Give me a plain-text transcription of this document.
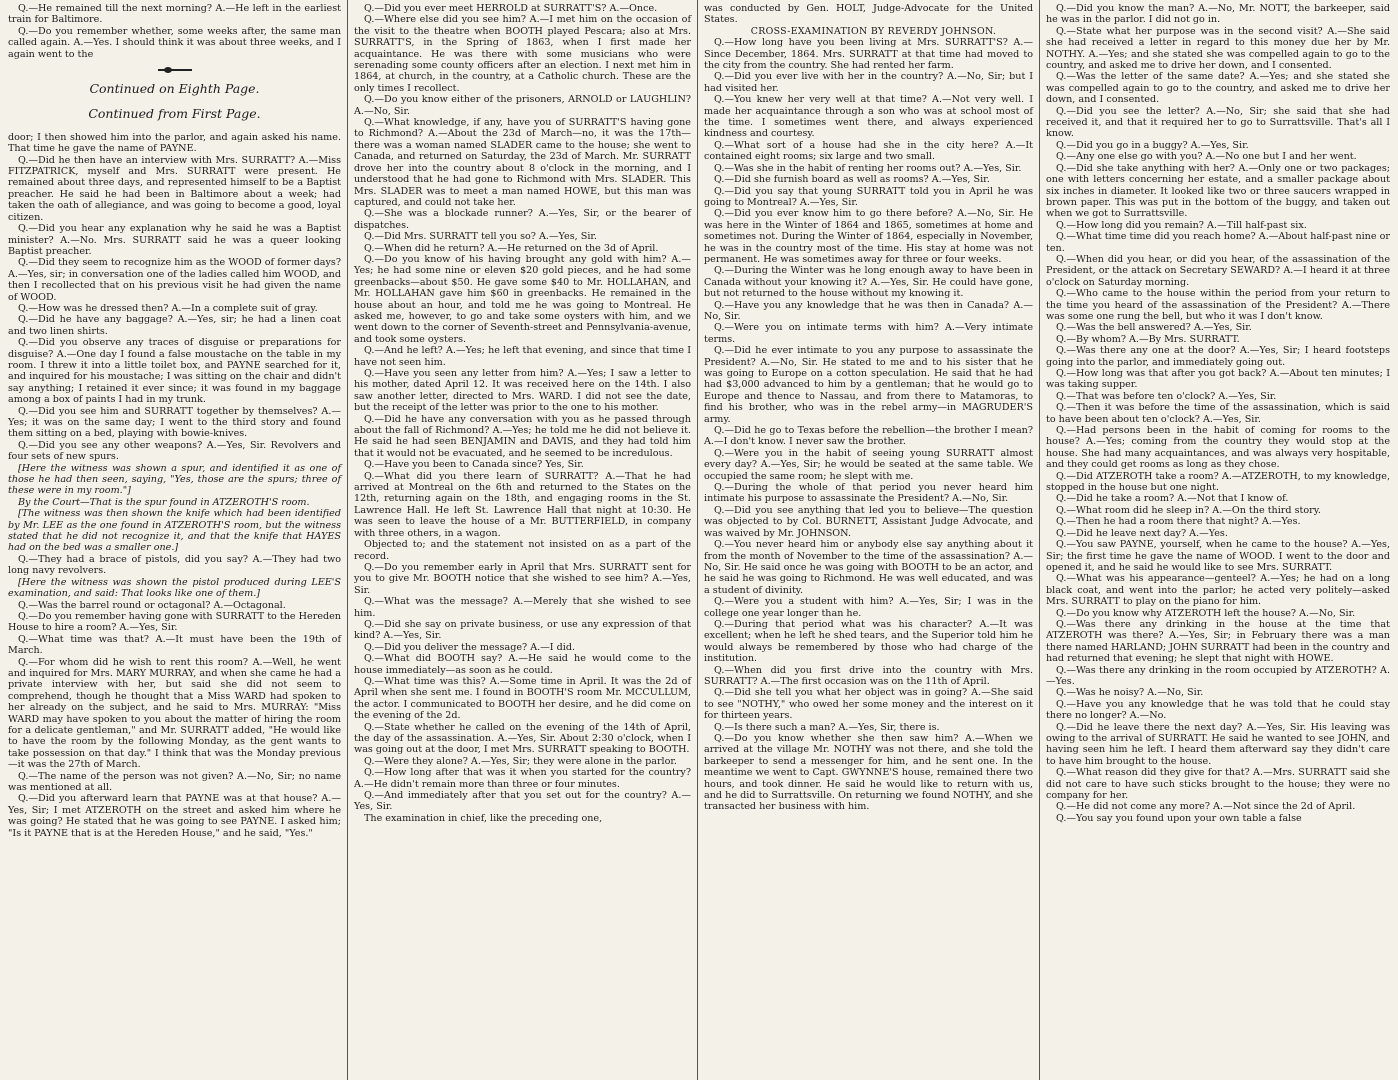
Q.—He remained till the next morning? A.—He left in the earliest train for Baltimore.

Q.—Do you remember whether, some weeks after, the same man called again. A.—Yes. I should think it was about three weeks, and I again went to the

Continued on Eighth Page.

Continued from First Page.

door; I then showed him into the parlor, and again asked his name. That time he gave the name of PAYNE.

Q.—Did he then have an interview with Mrs. SURRATT? A.—Miss FITZPATRICK, myself and Mrs. SURRATT were present. He remained about three days, and represented himself to be a Baptist preacher. He said he had been in Baltimore about a week; had taken the oath of allegiance, and was going to become a good, loyal citizen.

Q.—Did you hear any explanation why he said he was a Baptist minister? A.—No. Mrs. SURRATT said he was a queer looking Baptist preacher.

Q.—Did they seem to recognize him as the WOOD of former days? A.—Yes, sir; in conversation one of the ladies called him WOOD, and then I recollected that on his previous visit he had given the name of WOOD.

Q.—How was he dressed then? A.—In a complete suit of gray.

Q.—Did he have any baggage? A.—Yes, sir; he had a linen coat and two linen shirts.

Q.—Did you observe any traces of disguise or preparations for disguise? A.—One day I found a false moustache on the table in my room. I threw it into a little toilet box, and PAYNE searched for it, and inquired for his moustache; I was sitting on the chair and didn't say anything; I retained it ever since; it was found in my baggage among a box of paints I had in my trunk.

Q.—Did you see him and SURRATT together by themselves? A.—Yes; it was on the same day; I went to the third story and found them sitting on a bed, playing with bowie-knives.

Q.—Did you see any other weapons? A.—Yes, Sir. Revolvers and four sets of new spurs.

[Here the witness was shown a spur, and identified it as one of those he had then seen, saying, "Yes, those are the spurs; three of these were in my room."]

By the Court—That is the spur found in ATZEROTH'S room.

[The witness was then shown the knife which had been identified by Mr. LEE as the one found in ATZEROTH'S room, but the witness stated that he did not recognize it, and that the knife that HAYES had on the bed was a smaller one.]

Q.—They had a brace of pistols, did you say? A.—They had two long navy revolvers.

[Here the witness was shown the pistol produced during LEE'S examination, and said: That looks like one of them.]

Q.—Was the barrel round or octagonal? A.—Octagonal.

Q.—Do you remember having gone with SURRATT to the Hereden House to hire a room? A.—Yes, Sir.

Q.—What time was that? A.—It must have been the 19th of March.

Q.—For whom did he wish to rent this room? A.—Well, he went and inquired for Mrs. MARY MURRAY, and when she came he had a private interview with her, but said she did not seem to comprehend, though he thought that a Miss WARD had spoken to her already on the subject, and he said to Mrs. MURRAY: "Miss WARD may have spoken to you about the matter of hiring the room for a delicate gentleman," and Mr. SURRATT added, "He would like to have the room by the following Monday, as the gent wants to take possession on that day." I think that was the Monday previous—it was the 27th of March.

Q.—The name of the person was not given? A.—No, Sir; no name was mentioned at all.

Q.—Did you afterward learn that PAYNE was at that house? A.—Yes, Sir; I met ATZEROTH on the street and asked him where he was going? He stated that he was going to see PAYNE. I asked him; "Is it PAYNE that is at the Hereden House," and he said, "Yes."

Q.—Did you ever meet HERROLD at SURRATT'S? A.—Once.

Q.—Where else did you see him? A.—I met him on the occasion of the visit to the theatre when BOOTH played Pescara; also at Mrs. SURRATT'S, in the Spring of 1863, when I first made her acquaintance. He was there with some musicians who were serenading some county officers after an election. I next met him in 1864, at church, in the country, at a Catholic church. These are the only times I recollect.

Q.—Do you know either of the prisoners, ARNOLD or LAUGHLIN? A.—No, Sir.

Q.—What knowledge, if any, have you of SURRATT'S having gone to Richmond? A.—About the 23d of March—no, it was the 17th—there was a woman named SLADER came to the house; she went to Canada, and returned on Saturday, the 23d of March. Mr. SURRATT drove her into the country about 8 o'clock in the morning, and I understood that he had gone to Richmond with Mrs. SLADER. This Mrs. SLADER was to meet a man named HOWE, but this man was captured, and could not take her.

Q.—She was a blockade runner? A.—Yes, Sir, or the bearer of dispatches.

Q.—Did Mrs. SURRATT tell you so? A.—Yes, Sir.

Q.—When did he return? A.—He returned on the 3d of April.

Q.—Do you know of his having brought any gold with him? A.—Yes; he had some nine or eleven $20 gold pieces, and he had some greenbacks—about $50. He gave some $40 to Mr. HOLLAHAN, and Mr. HOLLAHAN gave him $60 in greenbacks. He remained in the house about an hour, and told me he was going to Montreal. He asked me, however, to go and take some oysters with him, and we went down to the corner of Seventh-street and Pennsylvania-avenue, and took some oysters.

Q.—And he left? A.—Yes; he left that evening, and since that time I have not seen him.

Q.—Have you seen any letter from him? A.—Yes; I saw a letter to his mother, dated April 12. It was received here on the 14th. I also saw another letter, directed to Mrs. WARD. I did not see the date, but the receipt of the letter was prior to the one to his mother.

Q.—Did he have any conversation with you as he passed through about the fall of Richmond? A.—Yes; he told me he did not believe it. He said he had seen BENJAMIN and DAVIS, and they had told him that it would not be evacuated, and he seemed to be incredulous.

Q.—Have you been to Canada since? Yes, Sir.

Q.—What did you there learn of SURRATT? A.—That he had arrived at Montreal on the 6th and returned to the States on the 12th, returning again on the 18th, and engaging rooms in the St. Lawrence Hall. He left St. Lawrence Hall that night at 10:30. He was seen to leave the house of a Mr. BUTTERFIELD, in company with three others, in a wagon.

Objected to; and the statement not insisted on as a part of the record.

Q.—Do you remember early in April that Mrs. SURRATT sent for you to give Mr. BOOTH notice that she wished to see him? A.—Yes, Sir.

Q.—What was the message? A.—Merely that she wished to see him.

Q.—Did she say on private business, or use any expression of that kind? A.—Yes, Sir.

Q.—Did you deliver the message? A.—I did.

Q.—What did BOOTH say? A.—He said he would come to the house immediately—as soon as he could.

Q.—What time was this? A.—Some time in April. It was the 2d of April when she sent me. I found in BOOTH'S room Mr. MCCULLUM, the actor. I communicated to BOOTH her desire, and he did come on the evening of the 2d.

Q.—State whether he called on the evening of the 14th of April, the day of the assassination. A.—Yes, Sir. About 2:30 o'clock, when I was going out at the door, I met Mrs. SURRATT speaking to BOOTH.

Q.—Were they alone? A.—Yes, Sir; they were alone in the parlor.

Q.—How long after that was it when you started for the country? A.—He didn't remain more than three or four minutes.

Q.—And immediately after that you set out for the country? A.—Yes, Sir.

The examination in chief, like the preceding one,

was conducted by Gen. HOLT, Judge-Advocate for the United States.

CROSS-EXAMINATION BY REVERDY JOHNSON.

Q.—How long have you been living at Mrs. SURRATT'S? A.—Since December, 1864. Mrs. SURRATT at that time had moved to the city from the country. She had rented her farm.

Q.—Did you ever live with her in the country? A.—No, Sir; but I had visited her.

Q.—You knew her very well at that time? A.—Not very well. I made her acquaintance through a son who was at school most of the time. I sometimes went there, and always experienced kindness and courtesy.

Q.—What sort of a house had she in the city here? A.—It contained eight rooms; six large and two small.

Q.—Was she in the habit of renting her rooms out? A.—Yes, Sir.

Q.—Did she furnish board as well as rooms? A.—Yes, Sir.

Q.—Did you say that young SURRATT told you in April he was going to Montreal? A.—Yes, Sir.

Q.—Did you ever know him to go there before? A.—No, Sir. He was here in the Winter of 1864 and 1865, sometimes at home and sometimes not. During the Winter of 1864, especially in November, he was in the country most of the time. His stay at home was not permanent. He was sometimes away for three or four weeks.

Q.—During the Winter was he long enough away to have been in Canada without your knowing it? A.—Yes, Sir. He could have gone, but not returned to the house without my knowing it.

Q.—Have you any knowledge that he was then in Canada? A.—No, Sir.

Q.—Were you on intimate terms with him? A.—Very intimate terms.

Q.—Did he ever intimate to you any purpose to assassinate the President? A.—No, Sir. He stated to me and to his sister that he was going to Europe on a cotton speculation. He said that he had had $3,000 advanced to him by a gentleman; that he would go to Europe and thence to Nassau, and from there to Matamoras, to find his brother, who was in the rebel army—in MAGRUDER'S army.

Q.—Did he go to Texas before the rebellion—the brother I mean? A.—I don't know. I never saw the brother.

Q.—Were you in the habit of seeing young SURRATT almost every day? A.—Yes, Sir; he would be seated at the same table. We occupied the same room; he slept with me.

Q.—During the whole of that period you never heard him intimate his purpose to assassinate the President? A.—No, Sir.

Q.—Did you see anything that led you to believe—The question was objected to by Col. BURNETT, Assistant Judge Advocate, and was waived by Mr. JOHNSON.

Q.—You never heard him or anybody else say anything about it from the month of November to the time of the assassination? A.—No, Sir. He said once he was going with BOOTH to be an actor, and he said he was going to Richmond. He was well educated, and was a student of divinity.

Q.—Were you a student with him? A.—Yes, Sir; I was in the college one year longer than he.

Q.—During that period what was his character? A.—It was excellent; when he left he shed tears, and the Superior told him he would always be remembered by those who had charge of the institution.

Q.—When did you first drive into the country with Mrs. SURRATT? A.—The first occasion was on the 11th of April.

Q.—Did she tell you what her object was in going? A.—She said to see "NOTHY," who owed her some money and the interest on it for thirteen years.

Q.—Is there such a man? A.—Yes, Sir, there is.

Q.—Do you know whether she then saw him? A.—When we arrived at the village Mr. NOTHY was not there, and she told the barkeeper to send a messenger for him, and he sent one. In the meantime we went to Capt. GWYNNE'S house, remained there two hours, and took dinner. He said he would like to return with us, and he did to Surrattsville. On returning we found NOTHY, and she transacted her business with him.

Q.—Did you know the man? A.—No, Mr. NOTT, the barkeeper, said he was in the parlor. I did not go in.

Q.—State what her purpose was in the second visit? A.—She said she had received a letter in regard to this money due her by Mr. NOTHY. A.—Yes; and she stated she was compelled again to go to the country, and asked me to drive her down, and I consented.

Q.—Was the letter of the same date? A.—Yes; and she stated she was compelled again to go to the country, and asked me to drive her down, and I consented.

Q.—Did you see the letter? A.—No, Sir; she said that she had received it, and that it required her to go to Surrattsville. That's all I know.

Q.—Did you go in a buggy? A.—Yes, Sir.

Q.—Any one else go with you? A.—No one but I and her went.

Q.—Did she take anything with her? A.—Only one or two packages; one with letters concerning her estate, and a smaller package about six inches in diameter. It looked like two or three saucers wrapped in brown paper. This was put in the bottom of the buggy, and taken out when we got to Surrattsville.

Q.—How long did you remain? A.—Till half-past six.

Q.—What time time did you reach home? A.—About half-past nine or ten.

Q.—When did you hear, or did you hear, of the assassination of the President, or the attack on Secretary SEWARD? A.—I heard it at three o'clock on Saturday morning.

Q.—Who came to the house within the period from your return to the time you heard of the assassination of the President? A.—There was some one rung the bell, but who it was I don't know.

Q.—Was the bell answered? A.—Yes, Sir.

Q.—By whom? A.—By Mrs. SURRATT.

Q.—Was there any one at the door? A.—Yes, Sir; I heard footsteps going into the parlor, and immediately going out.

Q.—How long was that after you got back? A.—About ten minutes; I was taking supper.

Q.—That was before ten o'clock? A.—Yes, Sir.

Q.—Then it was before the time of the assassination, which is said to have been about ten o'clock? A.—Yes, Sir.

Q.—Had persons been in the habit of coming for rooms to the house? A.—Yes; coming from the country they would stop at the house. She had many acquaintances, and was always very hospitable, and they could get rooms as long as they chose.

Q.—Did ATZEROTH take a room? A.—ATZEROTH, to my knowledge, stopped in the house but one night.

Q.—Did he take a room? A.—Not that I know of.

Q.—What room did he sleep in? A.—On the third story.

Q.—Then he had a room there that night? A.—Yes.

Q.—Did he leave next day? A.—Yes.

Q.—You saw PAYNE, yourself, when he came to the house? A.—Yes, Sir; the first time he gave the name of WOOD. I went to the door and opened it, and he said he would like to see Mrs. SURRATT.

Q.—What was his appearance—genteel? A.—Yes; he had on a long black coat, and went into the parlor; he acted very politely—asked Mrs. SURRATT to play on the piano for him.

Q.—Do you know why ATZEROTH left the house? A.—No, Sir.

Q.—Was there any drinking in the house at the time that ATZEROTH was there? A.—Yes, Sir; in February there was a man there named HARLAND; JOHN SURRATT had been in the country and had returned that evening; he slept that night with HOWE.

Q.—Was there any drinking in the room occupied by ATZEROTH? A.—Yes.

Q.—Was he noisy? A.—No, Sir.

Q.—Have you any knowledge that he was told that he could stay there no longer? A.—No.

Q.—Did he leave there the next day? A.—Yes, Sir. His leaving was owing to the arrival of SURRATT. He said he wanted to see JOHN, and having seen him he left. I heard them afterward say they didn't care to have him brought to the house.

Q.—What reason did they give for that? A.—Mrs. SURRATT said she did not care to have such sticks brought to the house; they were no company for her.

Q.—He did not come any more? A.—Not since the 2d of April.

Q.—You say you found upon your own table a false
